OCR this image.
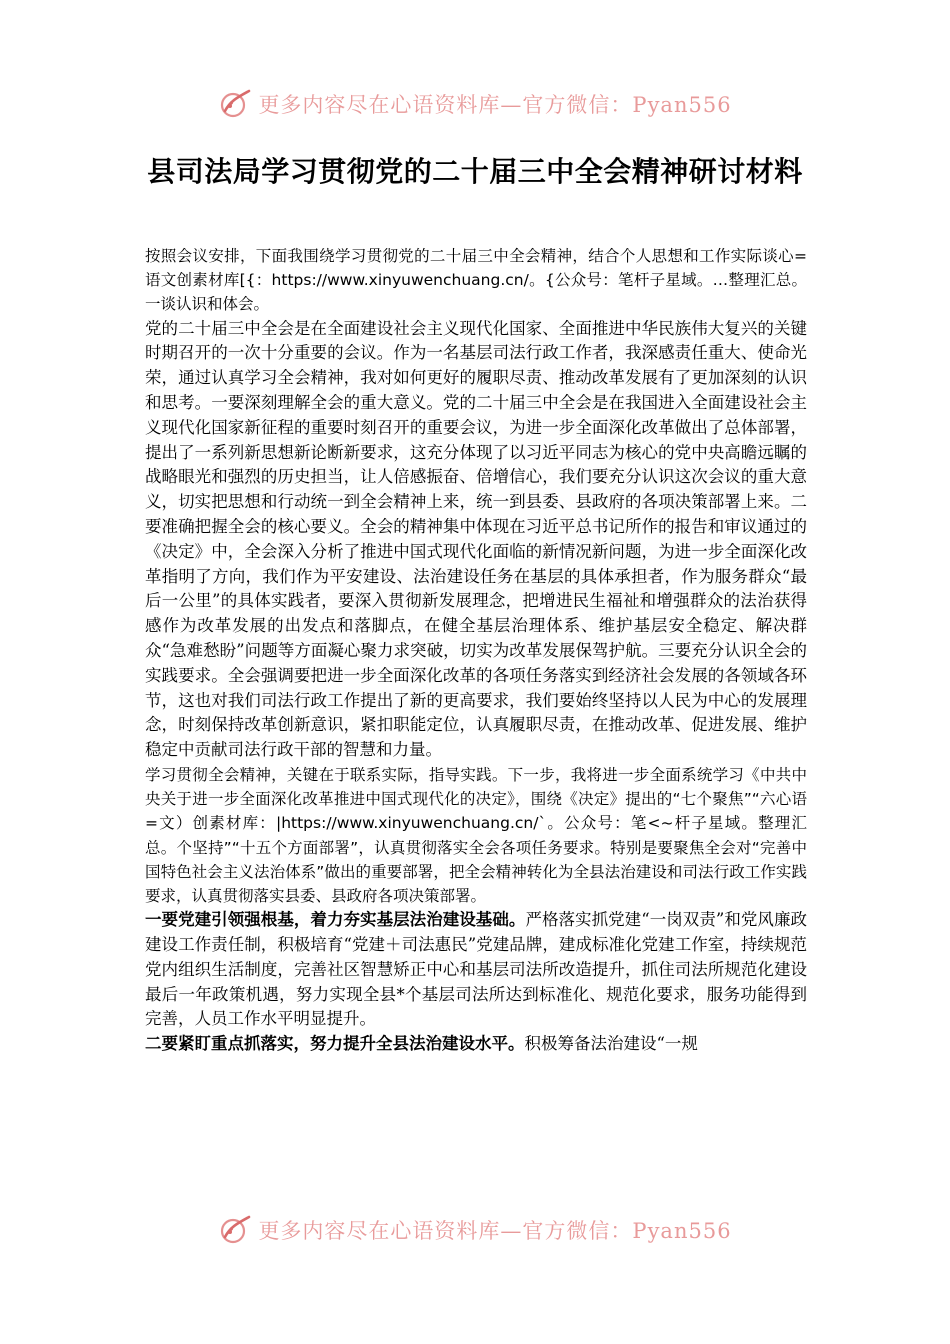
更多内容尽在心语资料库—官方微信：Pyan556
县司法局学习贯彻党的二十届三中全会精神研讨材料

按照会议安排，下面我围绕学习贯彻党的二十届三中全会精神，结合个人思想和工作实际谈心=语文创素材库[{：https://www.xinyuwenchuang.cn/。{公众号：笔杆子星域。…整理汇总。一谈认识和体会。

党的二十届三中全会是在全面建设社会主义现代化国家、全面推进中华民族伟大复兴的关键时期召开的一次十分重要的会议。作为一名基层司法行政工作者，我深感责任重大、使命光荣，通过认真学习全会精神，我对如何更好的履职尽责、推动改革发展有了更加深刻的认识和思考。一要深刻理解全会的重大意义。党的二十届三中全会是在我国进入全面建设社会主义现代化国家新征程的重要时刻召开的重要会议，为进一步全面深化改革做出了总体部署，提出了一系列新思想新论断新要求，这充分体现了以习近平同志为核心的党中央高瞻远瞩的战略眼光和强烈的历史担当，让人倍感振奋、倍增信心，我们要充分认识这次会议的重大意义，切实把思想和行动统一到全会精神上来，统一到县委、县政府的各项决策部署上来。二要准确把握全会的核心要义。全会的精神集中体现在习近平总书记所作的报告和审议通过的《决定》中，全会深入分析了推进中国式现代化面临的新情况新问题，为进一步全面深化改革指明了方向，我们作为平安建设、法治建设任务在基层的具体承担者，作为服务群众“最后一公里”的具体实践者，要深入贯彻新发展理念，把增进民生福祉和增强群众的法治获得感作为改革发展的出发点和落脚点，在健全基层治理体系、维护基层安全稳定、解决群众“急难愁盼”问题等方面凝心聚力求突破，切实为改革发展保驾护航。三要充分认识全会的实践要求。全会强调要把进一步全面深化改革的各项任务落实到经济社会发展的各领域各环节，这也对我们司法行政工作提出了新的更高要求，我们要始终坚持以人民为中心的发展理念，时刻保持改革创新意识，紧扣职能定位，认真履职尽责，在推动改革、促进发展、维护稳定中贡献司法行政干部的智慧和力量。

学习贯彻全会精神，关键在于联系实际，指导实践。下一步，我将进一步全面系统学习《中共中央关于进一步全面深化改革推进中国式现代化的决定》，围绕《决定》提出的“七个聚焦”“六心语=文）创素材库：|https://www.xinyuwenchuang.cn/`。公众号：笔<~杆子星域。整理汇总。个坚持”“十五个方面部署”，认真贯彻落实全会各项任务要求。特别是要聚焦全会对“完善中国特色社会主义法治体系”做出的重要部署，把全会精神转化为全县法治建设和司法行政工作实践要求，认真贯彻落实县委、县政府各项决策部署。

一要党建引领强根基，着力夯实基层法治建设基础。严格落实抓党建“一岗双责”和党风廉政建设工作责任制，积极培育“党建＋司法惠民”党建品牌，建成标准化党建工作室，持续规范党内组织生活制度，完善社区智慧矫正中心和基层司法所改造提升，抓住司法所规范化建设最后一年政策机遇，努力实现全县*个基层司法所达到标准化、规范化要求，服务功能得到完善，人员工作水平明显提升。

二要紧盯重点抓落实，努力提升全县法治建设水平。积极筹备法治建设“一规

更多内容尽在心语资料库—官方微信：Pyan556
